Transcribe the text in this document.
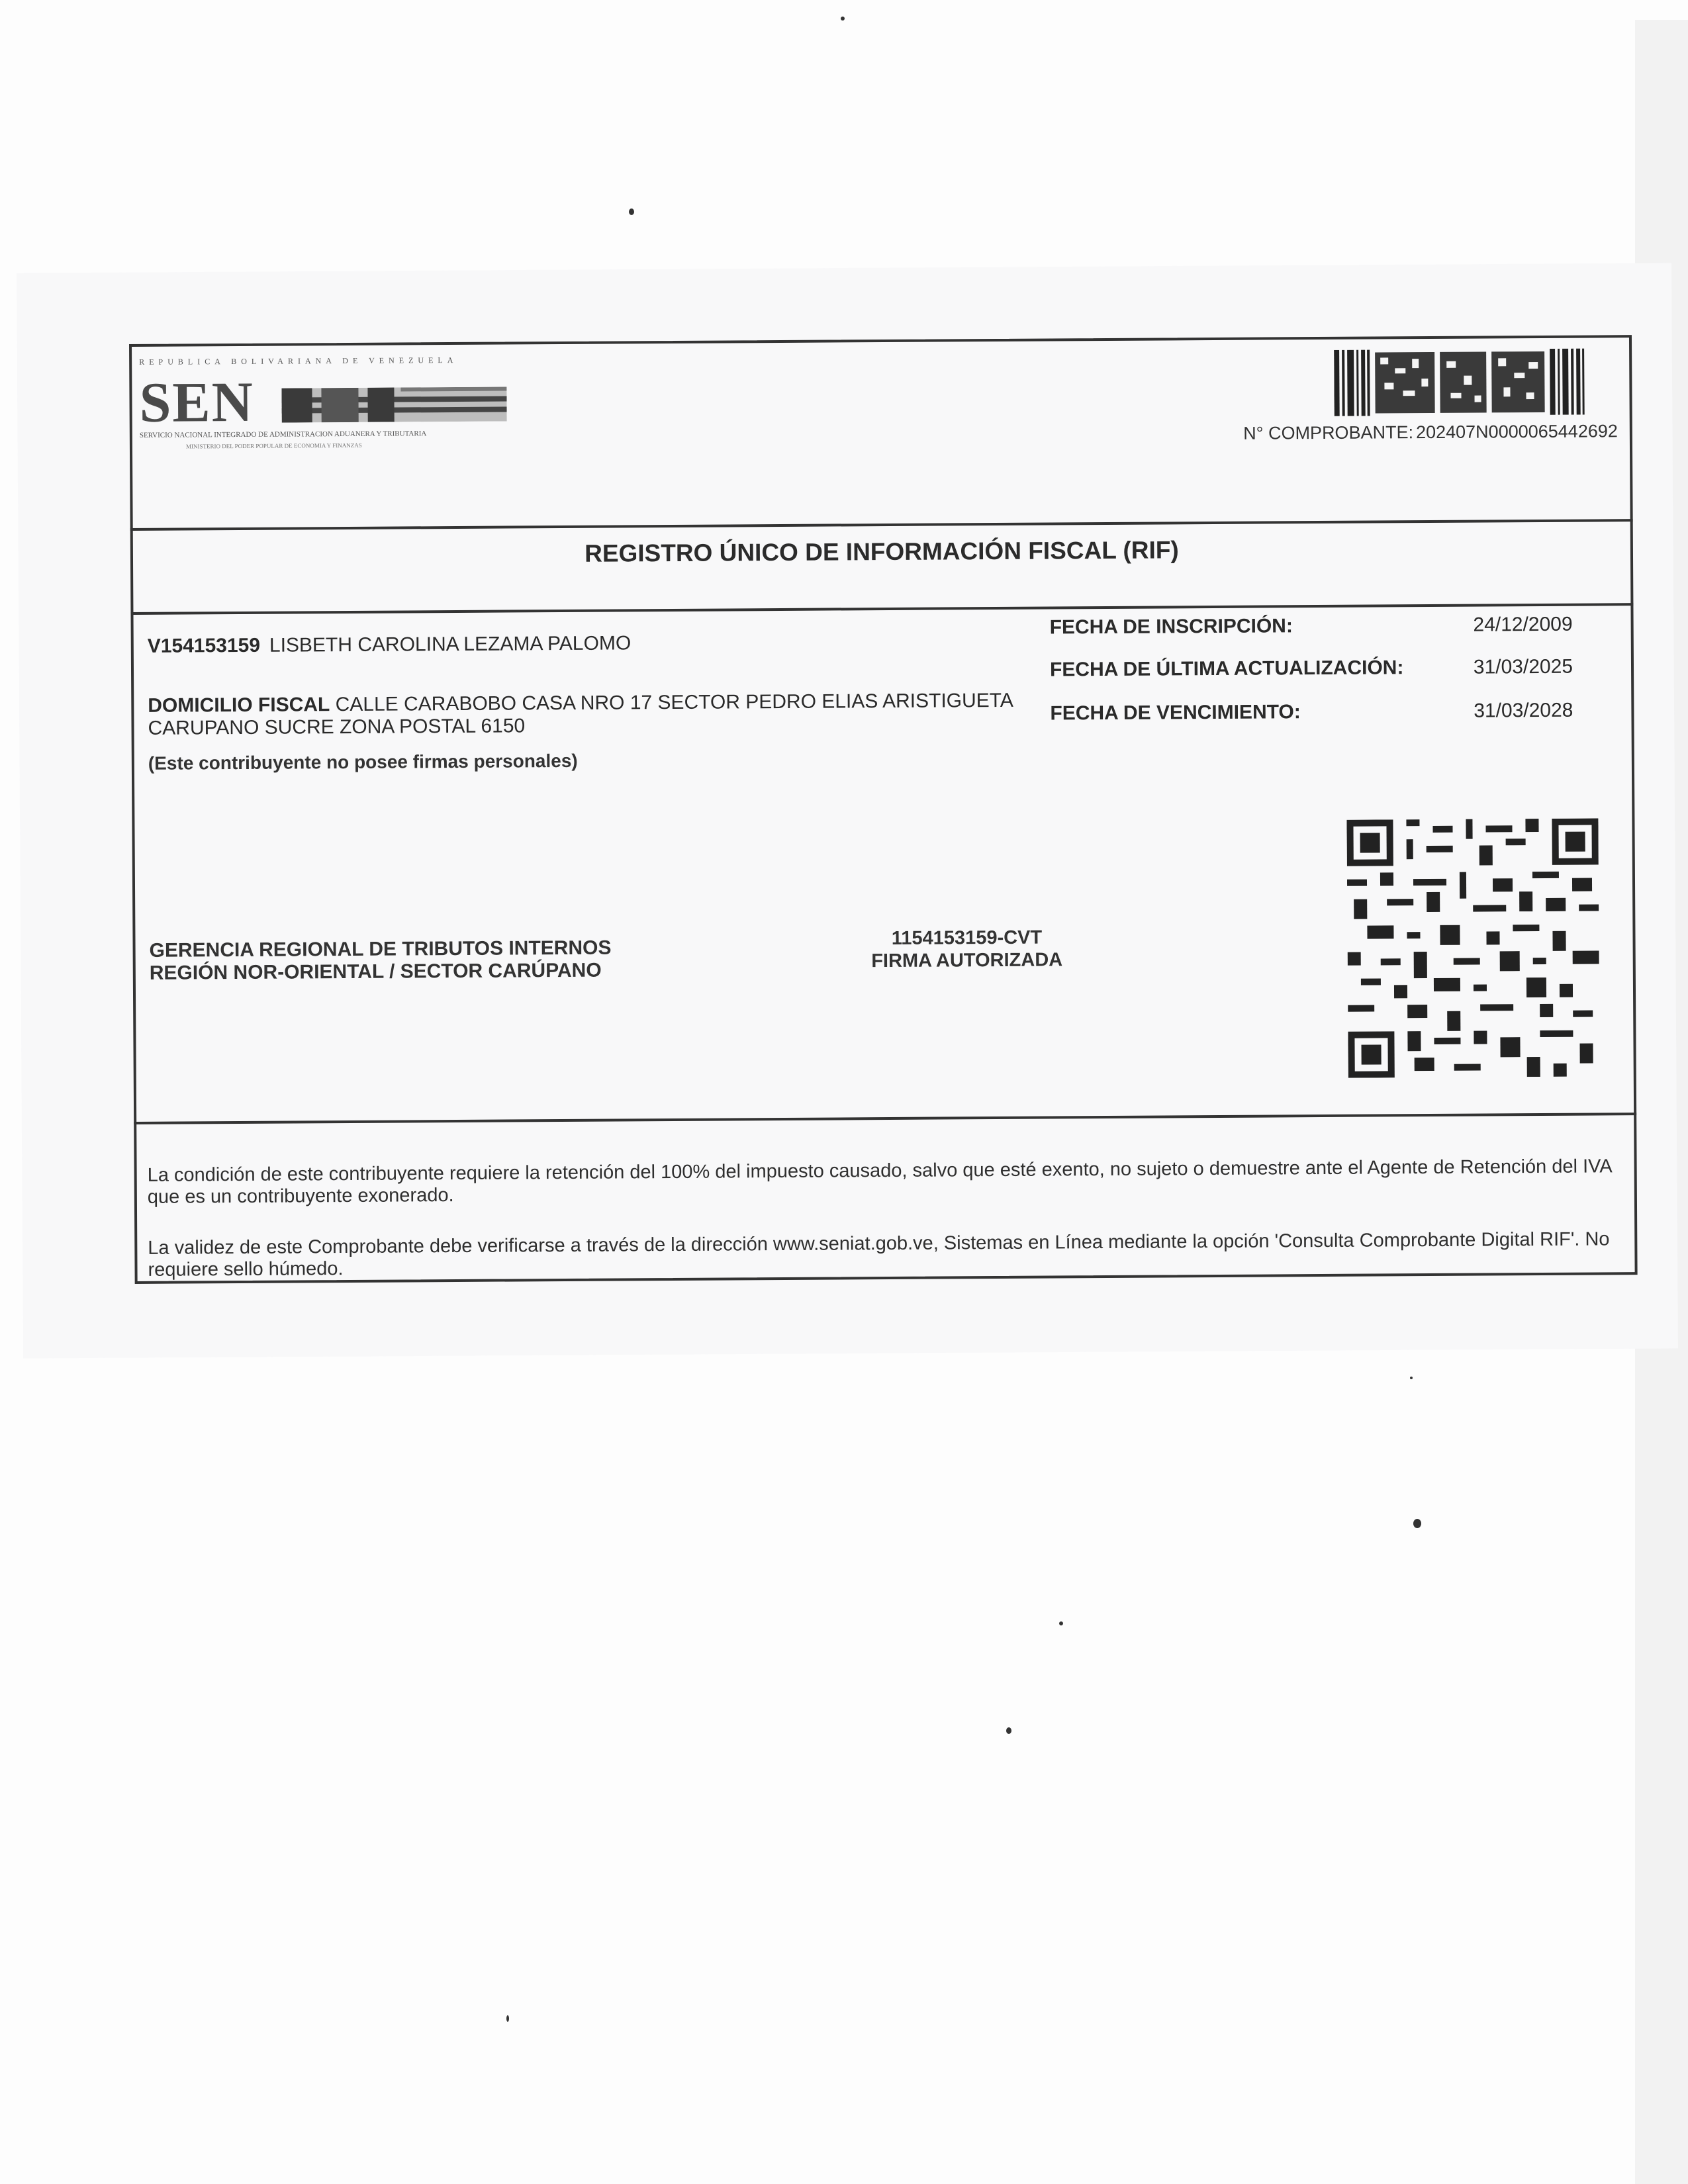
REPUBLICA BOLIVARIANA DE VENEZUELA
SEN
SERVICIO NACIONAL INTEGRADO DE ADMINISTRACION ADUANERA Y TRIBUTARIA
MINISTERIO DEL PODER POPULAR DE ECONOMIA Y FINANZAS
N° COMPROBANTE: 202407N0000065442692
REGISTRO ÚNICO DE INFORMACIÓN FISCAL (RIF)
V154153159 LISBETH CAROLINA LEZAMA PALOMO
DOMICILIO FISCAL CALLE CARABOBO CASA NRO 17 SECTOR PEDRO ELIAS ARISTIGUETA CARUPANO SUCRE ZONA POSTAL 6150
(Este contribuyente no posee firmas personales)
FECHA DE INSCRIPCIÓN:	24/12/2009
FECHA DE ÚLTIMA ACTUALIZACIÓN:	31/03/2025
FECHA DE VENCIMIENTO:	31/03/2028
GERENCIA REGIONAL DE TRIBUTOS INTERNOS
REGIÓN NOR-ORIENTAL / SECTOR CARÚPANO
1154153159-CVT
FIRMA AUTORIZADA
La condición de este contribuyente requiere la retención del 100% del impuesto causado, salvo que esté exento, no sujeto o demuestre ante el Agente de Retención del IVA que es un contribuyente exonerado.
La validez de este Comprobante debe verificarse a través de la dirección www.seniat.gob.ve, Sistemas en Línea mediante la opción 'Consulta Comprobante Digital RIF'. No requiere sello húmedo.
